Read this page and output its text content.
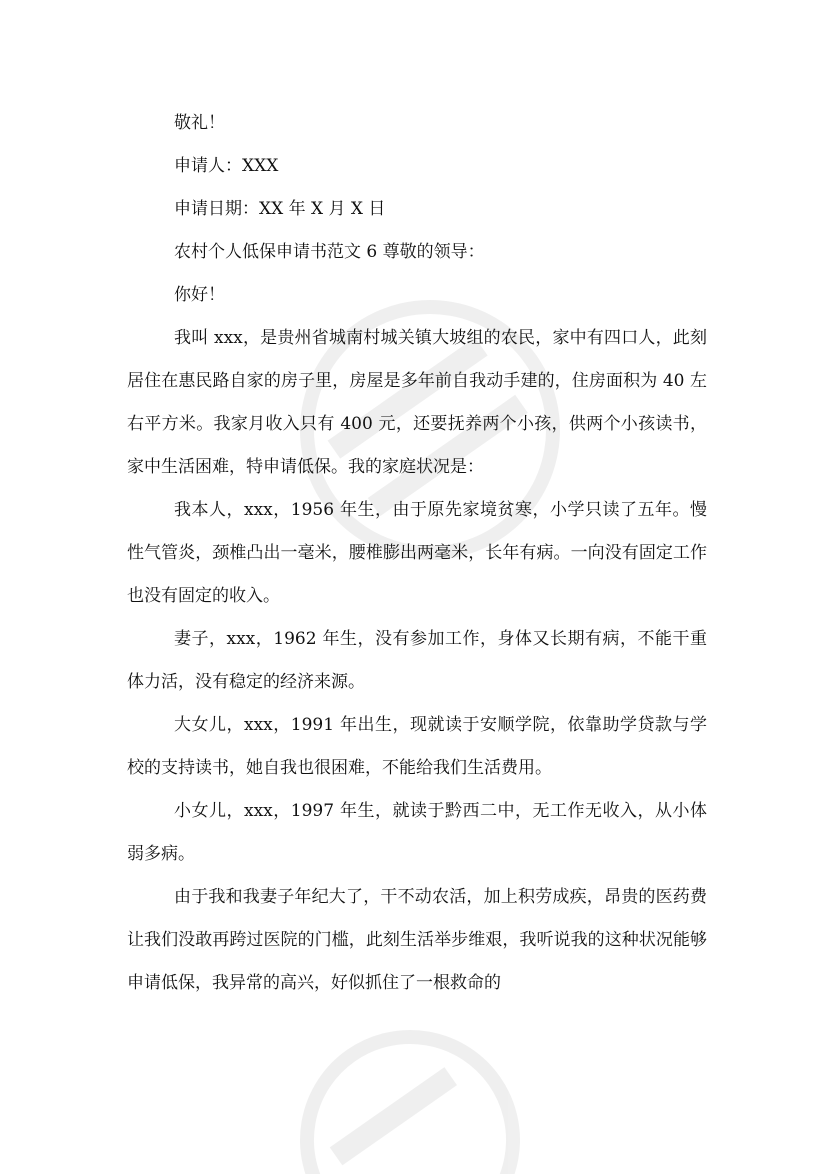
敬礼！
申请人：XXX
申请日期：XX 年 X 月 X 日
农村个人低保申请书范文 6 尊敬的领导：
你好！

我叫 xxx，是贵州省城南村城关镇大坡组的农民，家中有四口人，此刻居住在惠民路自家的房子里，房屋是多年前自我动手建的，住房面积为 40 左右平方米。我家月收入只有 400 元，还要抚养两个小孩，供两个小孩读书，家中生活困难，特申请低保。我的家庭状况是：

我本人，xxx，1956 年生，由于原先家境贫寒，小学只读了五年。慢性气管炎，颈椎凸出一毫米，腰椎膨出两毫米，长年有病。一向没有固定工作也没有固定的收入。

妻子，xxx，1962 年生，没有参加工作，身体又长期有病，不能干重体力活，没有稳定的经济来源。

大女儿，xxx，1991 年出生，现就读于安顺学院，依靠助学贷款与学校的支持读书，她自我也很困难，不能给我们生活费用。

小女儿，xxx，1997 年生，就读于黔西二中，无工作无收入，从小体弱多病。

由于我和我妻子年纪大了，干不动农活，加上积劳成疾，昂贵的医药费让我们没敢再跨过医院的门槛，此刻生活举步维艰，我听说我的这种状况能够申请低保，我异常的高兴，好似抓住了一根救命的
